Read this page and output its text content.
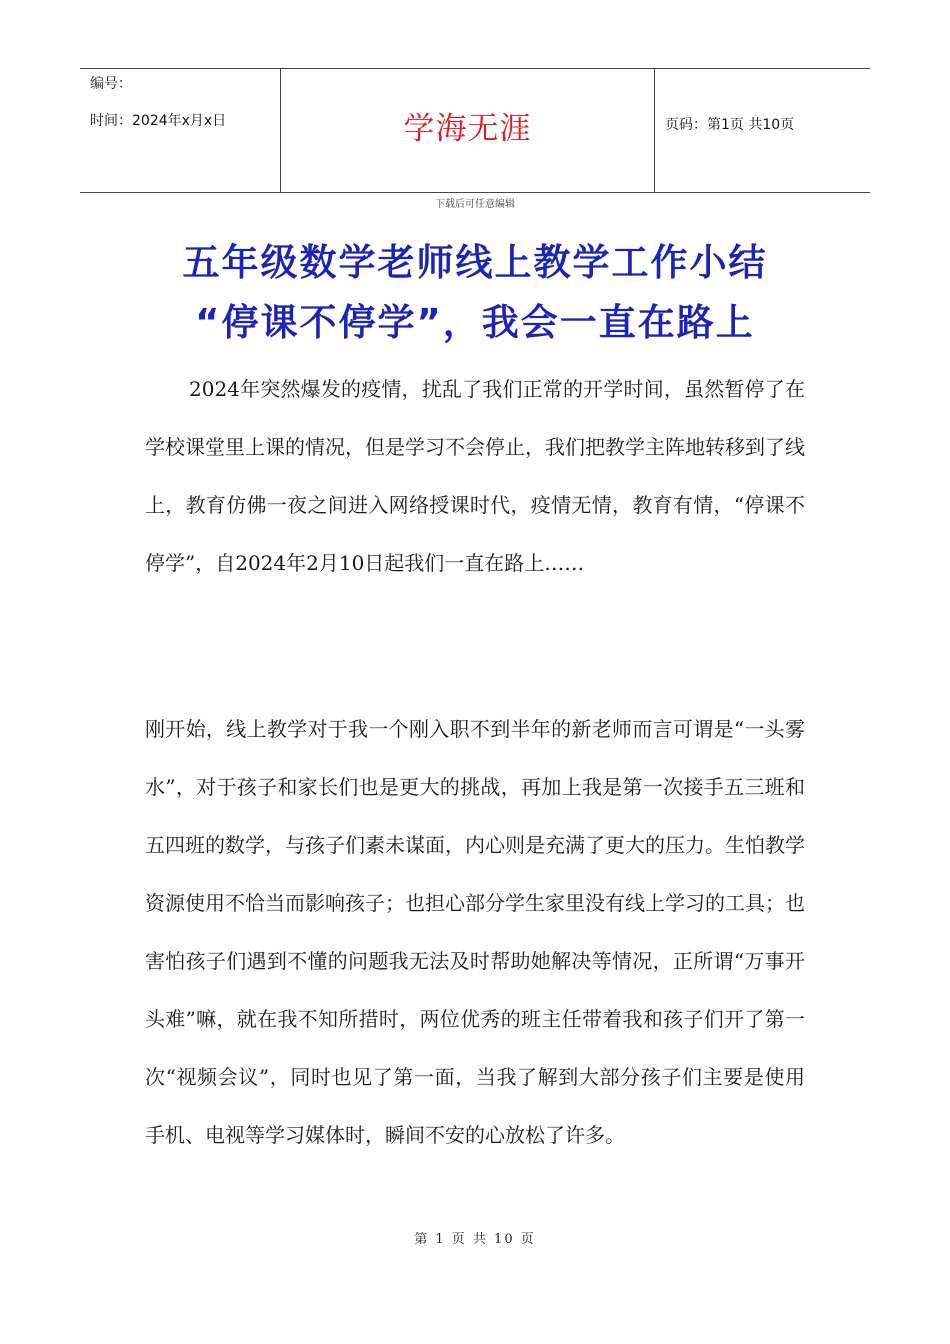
编号：
时间：2024年x月x日	学海无涯	页码：第1页 共10页
下载后可任意编辑
五年级数学老师线上教学工作小结
“停课不停学”，我会一直在路上

2024年突然爆发的疫情，扰乱了我们正常的开学时间，虽然暂停了在学校课堂里上课的情况，但是学习不会停止，我们把教学主阵地转移到了线上，教育仿佛一夜之间进入网络授课时代，疫情无情，教育有情，“停课不停学”，自2024年2月10日起我们一直在路上……

刚开始，线上教学对于我一个刚入职不到半年的新老师而言可谓是“一头雾水”，对于孩子和家长们也是更大的挑战，再加上我是第一次接手五三班和五四班的数学，与孩子们素未谋面，内心则是充满了更大的压力。生怕教学资源使用不恰当而影响孩子；也担心部分学生家里没有线上学习的工具；也害怕孩子们遇到不懂的问题我无法及时帮助她解决等情况，正所谓“万事开头难”嘛，就在我不知所措时，两位优秀的班主任带着我和孩子们开了第一次“视频会议”，同时也见了第一面，当我了解到大部分孩子们主要是使用手机、电视等学习媒体时，瞬间不安的心放松了许多。

第 1 页 共 10 页
